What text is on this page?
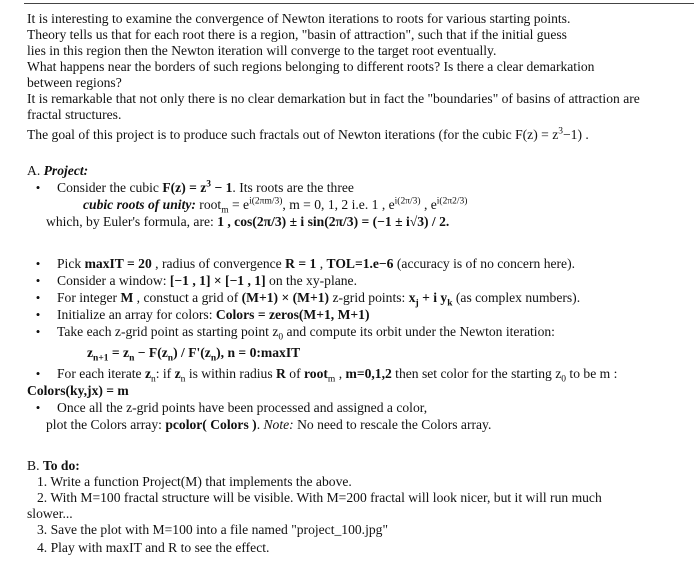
It is interesting to examine the convergence of Newton iterations to roots for various starting points.
Theory tells us that for each root there is a region, "basin of attraction", such that if the initial guess
lies in this region then the Newton iteration will converge to the target root eventually.
What happens near the borders of such regions belonging to different roots? Is there a clear demarkation
between regions?
It is remarkable that not only there is no clear demarkation but in fact the "boundaries" of basins of attraction are
fractal structures.
The goal of this project is to produce such fractals out of Newton iterations (for the cubic $F(z) = z^3-1$) .
A. Project:
• Consider the cubic $F(z) = z^3 - 1$. Its roots are the three
cubic roots of unity: root$_m$ = $e^{i(2\pi m/3)}$, m = 0, 1, 2 i.e. 1 , $e^{i(2\pi/3)}$ , $e^{i(2\pi 2/3)}$
which, by Euler's formula, are: 1 , cos(2π/3) ± i sin(2π/3) = (−1 ± i√3) / 2.
• Pick maxIT = 20 , radius of convergence R = 1 , TOL=1.e−6 (accuracy is of no concern here).
• Consider a window: [−1 , 1] × [−1 , 1] on the xy-plane.
• For integer M , constuct a grid of (M+1) × (M+1) z-grid points: $x_j + i$ $y_k$ (as complex numbers).
• Initialize an array for colors: Colors = zeros(M+1, M+1)
• Take each z-grid point as starting point $z_0$ and compute its orbit under the Newton iteration:
$z_{n+1} = z_n - F(z_n) / F'(z_n)$, n = 0:maxIT
• For each iterate $z_n$: if $z_n$ is within radius R of root$_m$ , m=0,1,2 then set color for the starting $z_0$ to be m :
Colors(ky,jx) = m
• Once all the z-grid points have been processed and assigned a color,
plot the Colors array: pcolor( Colors ). Note: No need to rescale the Colors array.
B. To do:
1. Write a function Project(M) that implements the above.
2. With M=100 fractal structure will be visible. With M=200 fractal will look nicer, but it will run much
slower...
3. Save the plot with M=100 into a file named "project_100.jpg"
4. Play with maxIT and R to see the effect.
